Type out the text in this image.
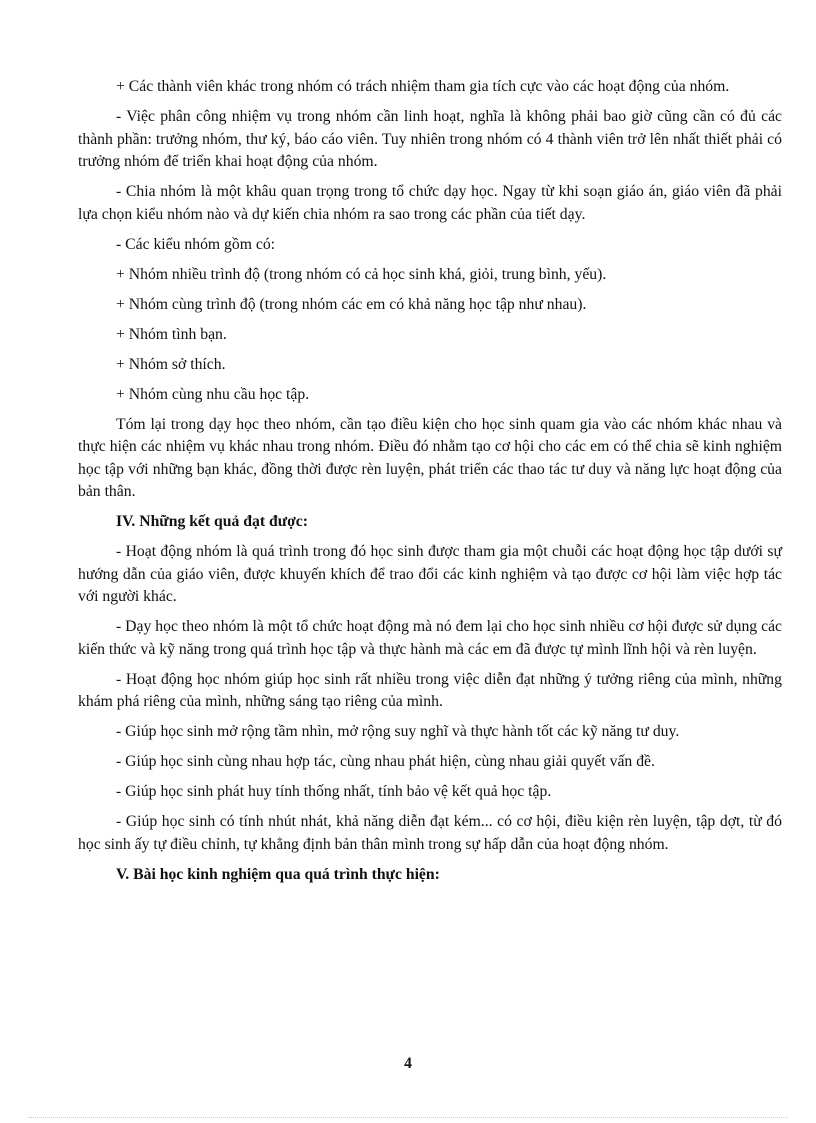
+ Các thành viên khác trong nhóm có trách nhiệm tham gia tích cực vào các hoạt động của nhóm.

- Việc phân công nhiệm vụ trong nhóm cần linh hoạt, nghĩa là không phải bao giờ cũng cần có đủ các thành phần: trưởng nhóm, thư ký, báo cáo viên. Tuy nhiên trong nhóm có 4 thành viên trở lên nhất thiết phải có trưởng nhóm để triển khai hoạt động của nhóm.

- Chia nhóm là một khâu quan trọng trong tổ chức dạy học. Ngay từ khi soạn giáo án, giáo viên đã phải lựa chọn kiểu nhóm nào và dự kiến chia nhóm ra sao trong các phần của tiết dạy.

- Các kiểu nhóm gồm có:

+ Nhóm nhiều trình độ (trong nhóm có cả học sinh khá, giỏi, trung bình, yếu).

+ Nhóm cùng trình độ (trong nhóm các em có khả năng học tập như nhau).

+ Nhóm tình bạn.

+ Nhóm sở thích.

+ Nhóm cùng nhu cầu học tập.

Tóm lại trong dạy học theo nhóm, cần tạo điều kiện cho học sinh quam gia vào các nhóm khác nhau và thực hiện các nhiệm vụ khác nhau trong nhóm. Điều đó nhằm tạo cơ hội cho các em có thể chia sẽ kinh nghiệm học tập với những bạn khác, đồng thời được rèn luyện, phát triển các thao tác tư duy và năng lực hoạt động của bản thân.

IV. Những kết quả đạt được:

- Hoạt động nhóm là quá trình trong đó học sinh được tham gia một chuỗi các hoạt động học tập dưới sự hướng dẫn của giáo viên, được khuyến khích để trao đổi các kinh nghiệm và tạo được cơ hội làm việc hợp tác với người khác.

- Dạy học theo nhóm là một tổ chức hoạt động mà nó đem lại cho học sinh nhiều cơ hội được sử dụng các kiến thức và kỹ năng trong quá trình học tập và thực hành mà các em đã được tự mình lĩnh hội và rèn luyện.

- Hoạt động học nhóm giúp học sinh rất nhiều trong việc diễn đạt những ý tưởng riêng của mình, những khám phá riêng của mình, những sáng tạo riêng của mình.

- Giúp học sinh mở rộng tầm nhìn, mở rộng suy nghĩ và thực hành tốt các kỹ năng tư duy.

- Giúp học sinh cùng nhau hợp tác, cùng nhau phát hiện, cùng nhau giải quyết vấn đề.

- Giúp học sinh phát huy tính thống nhất, tính bảo vệ kết quả học tập.

- Giúp học sinh có tính nhút nhát, khả năng diễn đạt kém... có cơ hội, điều kiện rèn luyện, tập dợt, từ đó học sinh ấy tự điều chỉnh, tự khẳng định bản thân mình trong sự hấp dẫn của hoạt động nhóm.

V. Bài học kinh nghiệm qua quá trình thực hiện:

4
